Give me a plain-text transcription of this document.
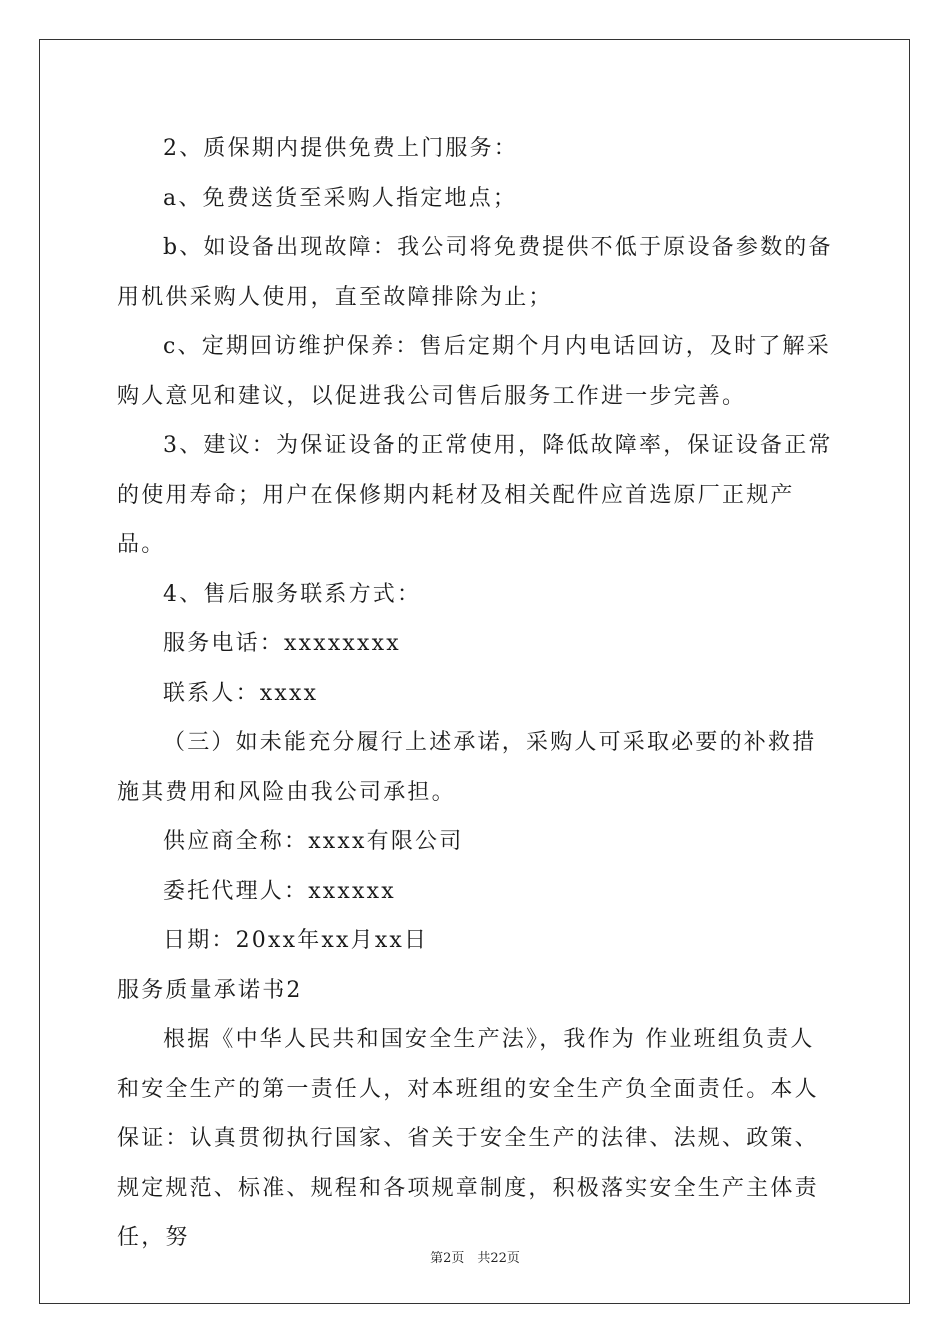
2、质保期内提供免费上门服务：

a、免费送货至采购人指定地点；

b、如设备出现故障：我公司将免费提供不低于原设备参数的备用机供采购人使用，直至故障排除为止；

c、定期回访维护保养：售后定期个月内电话回访，及时了解采购人意见和建议，以促进我公司售后服务工作进一步完善。

3、建议：为保证设备的正常使用，降低故障率，保证设备正常的使用寿命；用户在保修期内耗材及相关配件应首选原厂正规产品。

4、售后服务联系方式：

服务电话：xxxxxxxx

联系人：xxxx

（三）如未能充分履行上述承诺，采购人可采取必要的补救措施其费用和风险由我公司承担。

供应商全称：xxxx有限公司

委托代理人：xxxxxx

日期：20xx年xx月xx日

服务质量承诺书2

根据《中华人民共和国安全生产法》，我作为 作业班组负责人和安全生产的第一责任人，对本班组的安全生产负全面责任。本人保证：认真贯彻执行国家、省关于安全生产的法律、法规、政策、规定规范、标准、规程和各项规章制度，积极落实安全生产主体责任，努

第2页　共22页
